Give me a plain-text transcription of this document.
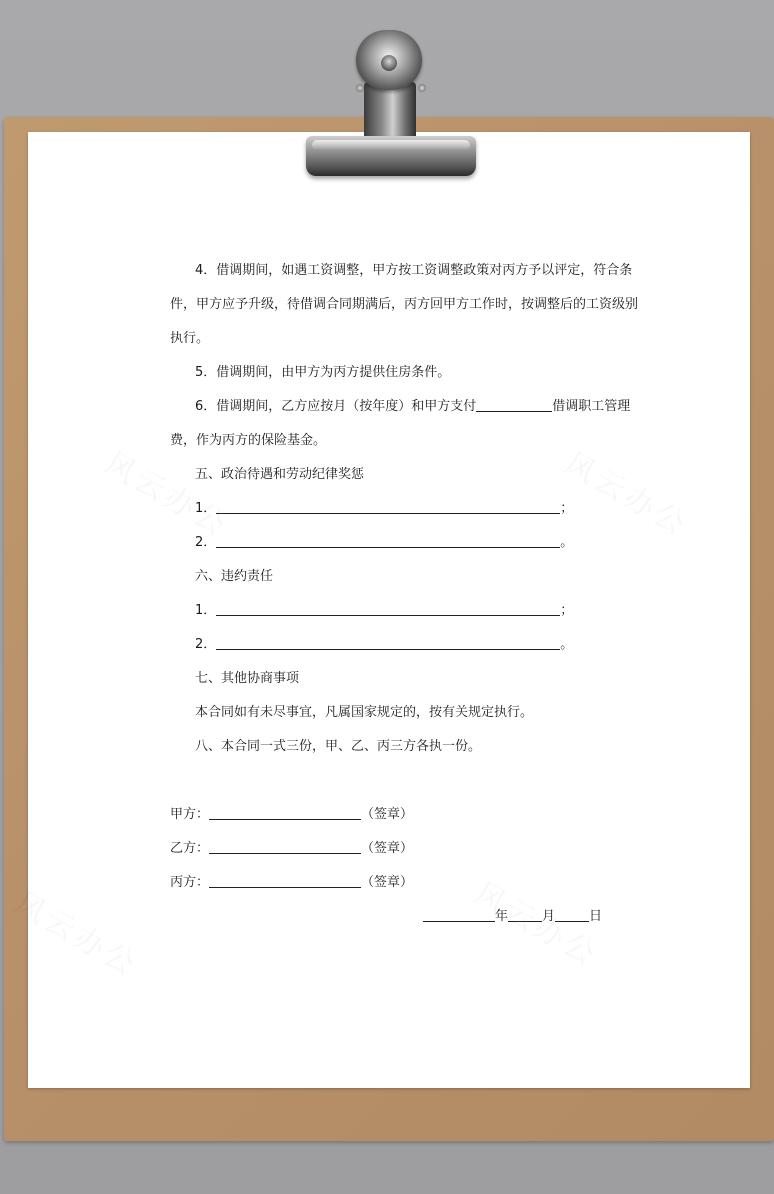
4．借调期间，如遇工资调整，甲方按工资调整政策对丙方予以评定，符合条
件，甲方应予升级，待借调合同期满后，丙方回甲方工作时，按调整后的工资级别
执行。
5．借调期间，由甲方为丙方提供住房条件。
6．借调期间，乙方应按月（按年度）和甲方支付	借调职工管理
费，作为丙方的保险基金。
五、政治待遇和劳动纪律奖惩
1．	；
2．	。
六、违约责任
1．	；
2．	。
七、其他协商事项
本合同如有未尽事宜，凡属国家规定的，按有关规定执行。
八、本合同一式三份，甲、乙、丙三方各执一份。
甲方：	（签章）
乙方：	（签章）
丙方：	（签章）
年	月	日
